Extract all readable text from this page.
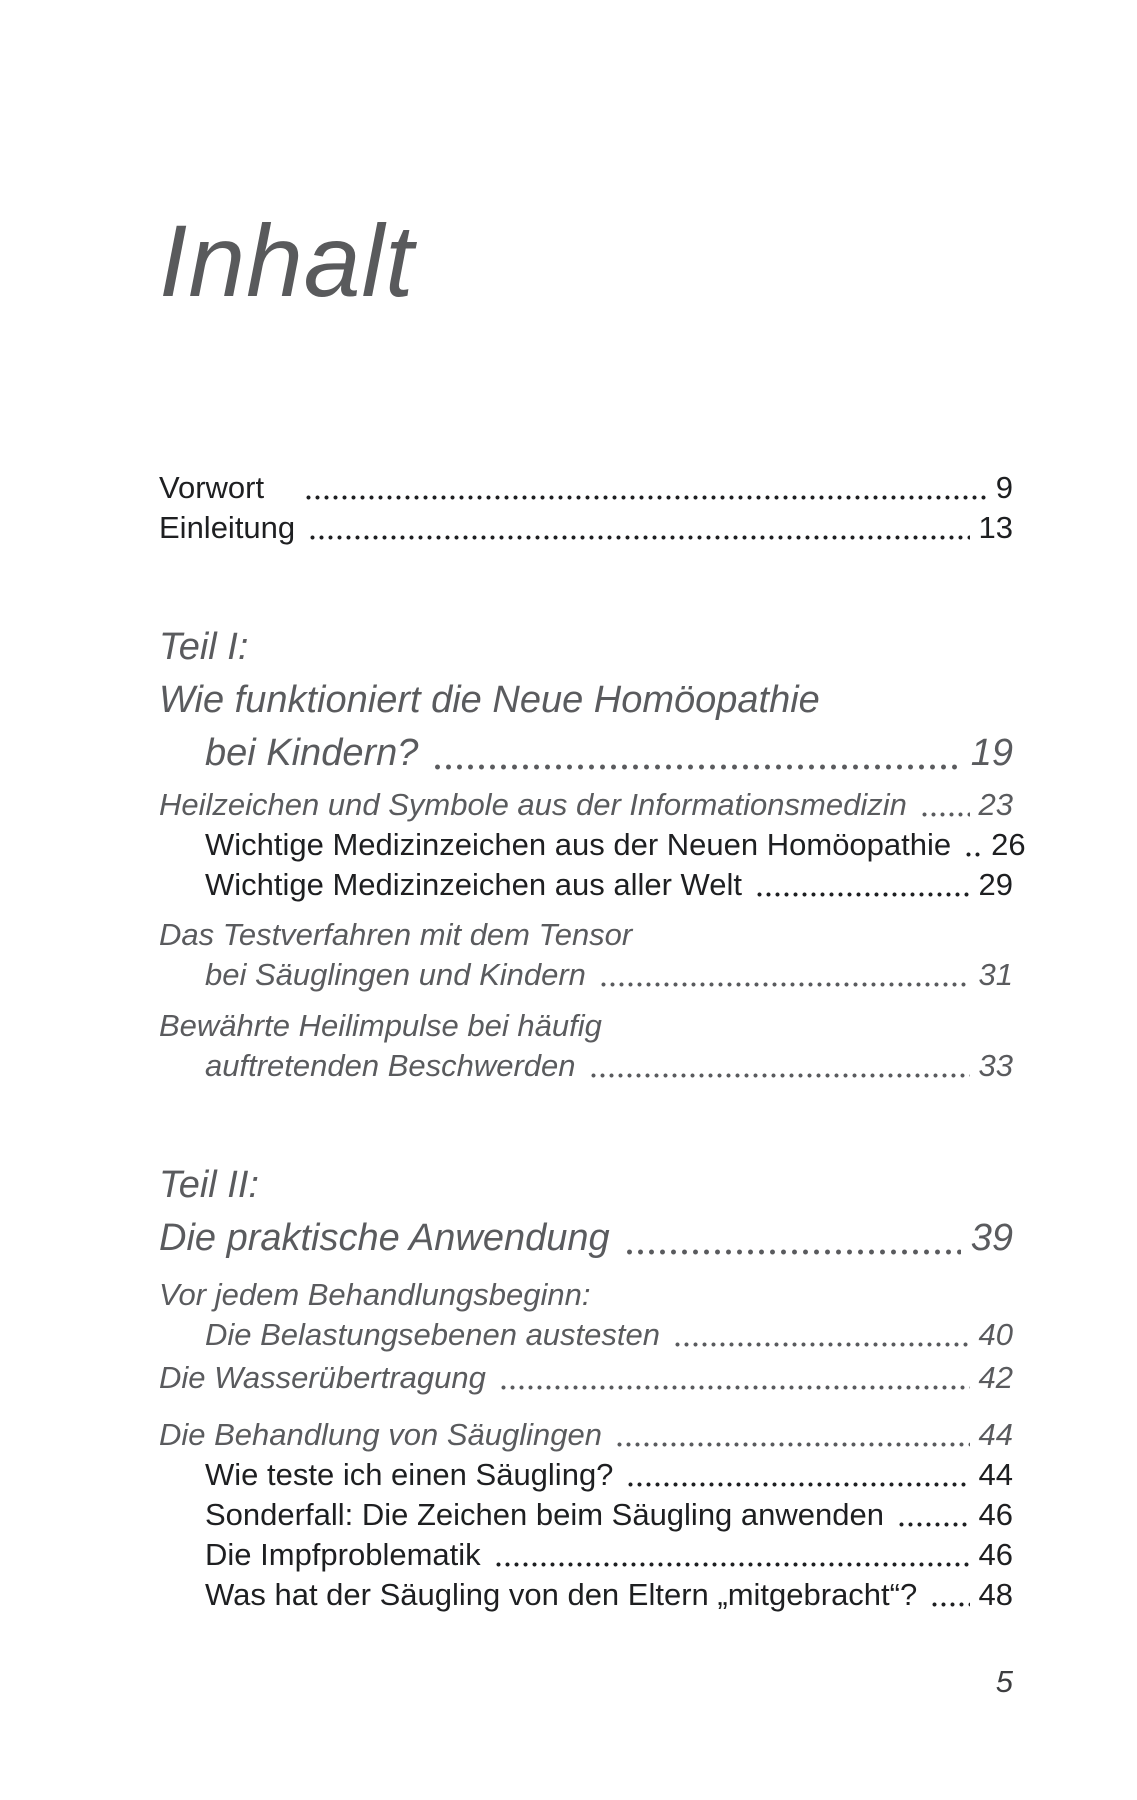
Inhalt
Vorwort	9
Einleitung	13
Teil I:
Wie funktioniert die Neue Homöopathie
bei Kindern?	19
Heilzeichen und Symbole aus der Informationsmedizin 23
Wichtige Medizinzeichen aus der Neuen Homöopathie 26
Wichtige Medizinzeichen aus aller Welt	29
Das Testverfahren mit dem Tensor
bei Säuglingen und Kindern	31
Bewährte Heilimpulse bei häufig
auftretenden Beschwerden	33
Teil II:
Die praktische Anwendung	39
Vor jedem Behandlungsbeginn:
Die Belastungsebenen austesten	40
Die Wasserübertragung	42
Die Behandlung von Säuglingen	44
Wie teste ich einen Säugling?	44
Sonderfall: Die Zeichen beim Säugling anwenden	46
Die Impfproblematik	46
Was hat der Säugling von den Eltern „mitgebracht“? 48
5
